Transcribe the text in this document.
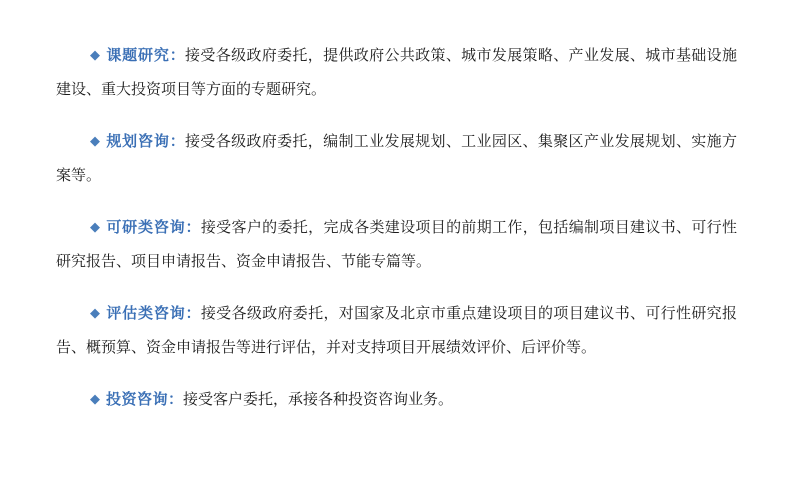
◆ 课题研究：接受各级政府委托，提供政府公共政策、城市发展策略、产业发展、城市基础设施建设、重大投资项目等方面的专题研究。

◆ 规划咨询：接受各级政府委托，编制工业发展规划、工业园区、集聚区产业发展规划、实施方案等。

◆ 可研类咨询：接受客户的委托，完成各类建设项目的前期工作，包括编制项目建议书、可行性研究报告、项目申请报告、资金申请报告、节能专篇等。

◆ 评估类咨询：接受各级政府委托，对国家及北京市重点建设项目的项目建议书、可行性研究报告、概预算、资金申请报告等进行评估，并对支持项目开展绩效评价、后评价等。

◆ 投资咨询：接受客户委托，承接各种投资咨询业务。
